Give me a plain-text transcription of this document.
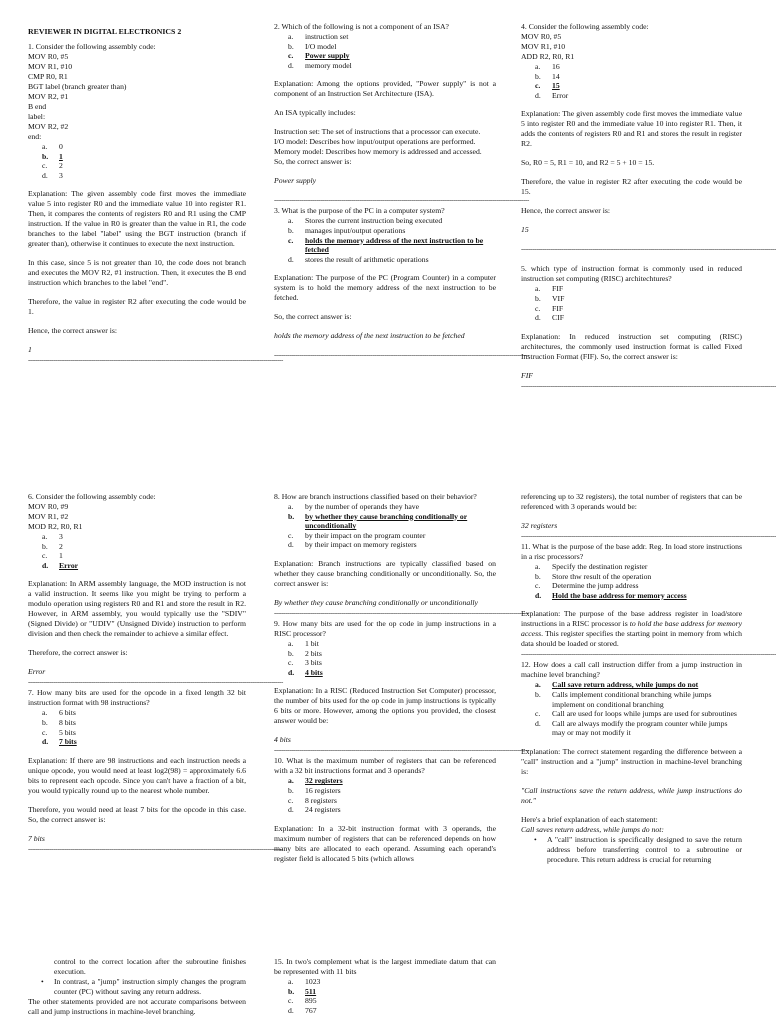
REVIEWER IN DIGITAL ELECTRONICS 2

1. Consider the following assembly code:

MOV R0, #5

MOV R1, #10

CMP R0, R1

BGT label (branch greater than)

MOV R2, #1

B end

label:

MOV R2, #2

end:

a. 0
b. 1
c. 2
d. 3

Explanation: The given assembly code first moves the immediate value 5 into register R0 and the immediate value 10 into register R1. Then, it compares the contents of registers R0 and R1 using the CMP instruction. If the value in R0 is greater than the value in R1, the code branches to the label "label" using the BGT instruction (branch if greater than), otherwise it continues to execute the next instruction.

In this case, since 5 is not greater than 10, the code does not branch and executes the MOV R2, #1 instruction. Then, it executes the B end instruction which branches to the label "end".

Therefore, the value in register R2 after executing the code would be 1.

Hence, the correct answer is:

1

------------------------------------------------------------------------------------------------------------------------------------

2. Which of the following is not a component of an ISA?

a. instruction set
b. I/O model
c. Power supply
d. memory model

Explanation: Among the options provided, "Power supply" is not a component of an Instruction Set Architecture (ISA).

An ISA typically includes:

Instruction set: The set of instructions that a processor can execute.

I/O model: Describes how input/output operations are performed.

Memory model: Describes how memory is addressed and accessed.

So, the correct answer is:

Power supply

------------------------------------------------------------------------------------------------------------------------------------

3. What is the purpose of the PC in a computer system?

a. Stores the current instruction being executed
b. manages input/output operations
c. holds the memory address of the next instruction to be fetched
d. stores the result of arithmetic operations

Explanation: The purpose of the PC (Program Counter) in a computer system is to hold the memory address of the next instruction to be fetched.

So, the correct answer is:

holds the memory address of the next instruction to be fetched

------------------------------------------------------------------------------------------------------------------------------------

4. Consider the following assembly code:

MOV R0, #5

MOV R1, #10

ADD R2, R0, R1

a. 16
b. 14
c. 15
d. Error

Explanation: The given assembly code first moves the immediate value 5 into register R0 and the immediate value 10 into register R1. Then, it adds the contents of registers R0 and R1 and stores the result in register R2.

So, R0 = 5, R1 = 10, and R2 = 5 + 10 = 15.

Therefore, the value in register R2 after executing the code would be 15.

Hence, the correct answer is:

15

------------------------------------------------------------------------------------------------------------------------------------

5. which type of instruction format is commonly used in reduced instruction set computing (RISC) architechtures?

a. FIF
b. VIF
c. FIF
d. CIF

Explanation: In reduced instruction set computing (RISC) architectures, the commonly used instruction format is called Fixed Instruction Format (FIF). So, the correct answer is:

FIF

------------------------------------------------------------------------------------------------------------------------------------

6. Consider the following assembly code:

MOV R0, #9

MOV R1, #2

MOD R2, R0, R1

a. 3
b. 2
c. 1
d. Error

Explanation: In ARM assembly language, the MOD instruction is not a valid instruction. It seems like you might be trying to perform a modulo operation using registers R0 and R1 and store the result in R2. However, in ARM assembly, you would typically use the "SDIV" (Signed Divide) or "UDIV" (Unsigned Divide) instruction to perform division and then check the remainder to achieve a similar effect.

Therefore, the correct answer is:

Error

------------------------------------------------------------------------------------------------------------------------------------

7. How many bits are used for the opcode in a fixed length 32 bit instruction format with 98 instructions?

a. 6 bits
b. 8 bits
c. 5 bits
d. 7 bits

Explanation: If there are 98 instructions and each instruction needs a unique opcode, you would need at least log2(98) = approximately 6.6 bits to represent each opcode. Since you can't have a fraction of a bit, you would typically round up to the nearest whole number.

Therefore, you would need at least 7 bits for the opcode in this case. So, the correct answer is:

7 bits

------------------------------------------------------------------------------------------------------------------------------------

8. How are branch instructions classified based on their behavior?

a. by the number of operands they have
b. by whether they cause branching conditionally or unconditionally
c. by their impact on the program counter
d. by their impact on memory registers

Explanation: Branch instructions are typically classified based on whether they cause branching conditionally or unconditionally. So, the correct answer is:

By whether they cause branching conditionally or unconditionally

------------------------------------------------------------------------------------------------------------------------------------

9. How many bits are used for the op code in jump instructions in a RISC processor?

a. 1 bit
b. 2 bits
c. 3 bits
d. 4 bits

Explanation: In a RISC (Reduced Instruction Set Computer) processor, the number of bits used for the op code in jump instructions is typically 6 bits or more. However, among the options you provided, the closest answer would be:

4 bits

------------------------------------------------------------------------------------------------------------------------------------

10. What is the maximum number of registers that can be referenced with a 32 bit instructions format and 3 operands?

a. 32 registers
b. 16 registers
c. 8 registers
d. 24 registers

Explanation: In a 32-bit instruction format with 3 operands, the maximum number of registers that can be referenced depends on how many bits are allocated to each operand. Assuming each operand's register field is allocated 5 bits (which allows

referencing up to 32 registers), the total number of registers that can be referenced with 3 operands would be:

32 registers

------------------------------------------------------------------------------------------------------------------------------------

11. What is the purpose of the base addr. Reg. In load store instructions in a risc processors?

a. Specify the destination register
b. Store thw result of the operation
c. Determine the jump address
d. Hold the base address for memory access

Explanation: The purpose of the base address register in load/store instructions in a RISC processor is to hold the base address for memory access. This register specifies the starting point in memory from which data should be loaded or stored.

------------------------------------------------------------------------------------------------------------------------------------

12. How does a call call instruction differ from a jump instruction in machine level branching?

a. Call save return address, while jumps do not
b. Calls implement conditional branching while jumps implement on conditional branching
c. Call are used for loops while jumps are used for subroutines
d. Call are always modify the program counter while jumps may or may not modify it

Explanation: The correct statement regarding the difference between a "call" instruction and a "jump" instruction in machine-level branching is:

"Call instructions save the return address, while jump instructions do not."

Here's a brief explanation of each statement:

Call saves return address, while jumps do not:

• A "call" instruction is specifically designed to save the return address before transferring control to a subroutine or procedure. This return address is crucial for returning
control to the correct location after the subroutine finishes execution.
• In contrast, a "jump" instruction simply changes the program counter (PC) without saving any return address.

The other statements provided are not accurate comparisons between call and jump instructions in machine-level branching.

15. In two's complement what is the largest immediate datum that can be represented with 11 bits

a. 1023
b. 511
c. 895
d. 767
